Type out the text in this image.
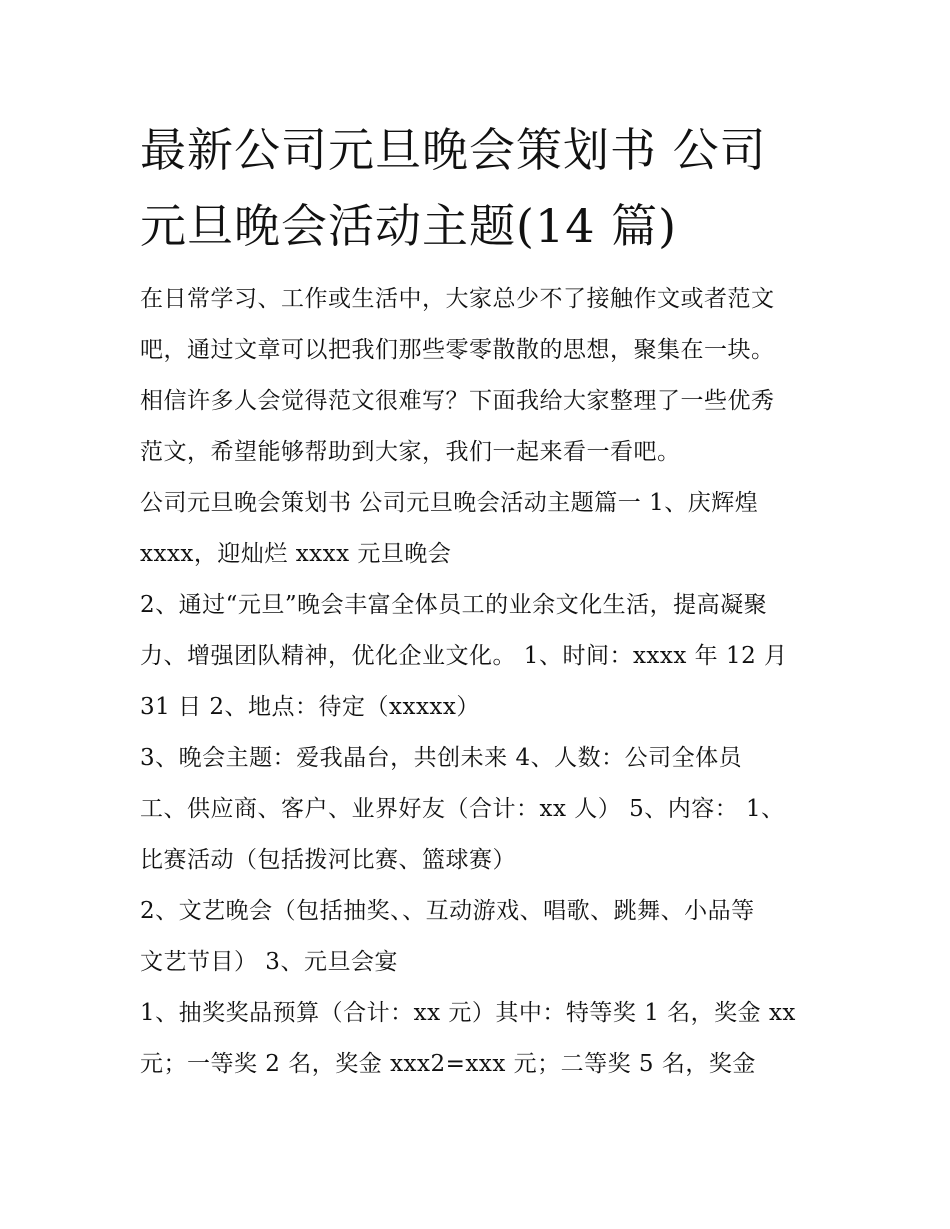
最新公司元旦晚会策划书 公司
元旦晚会活动主题(14 篇)
在日常学习、工作或生活中，大家总少不了接触作文或者范文
吧，通过文章可以把我们那些零零散散的思想，聚集在一块。
相信许多人会觉得范文很难写？下面我给大家整理了一些优秀
范文，希望能够帮助到大家，我们一起来看一看吧。
公司元旦晚会策划书 公司元旦晚会活动主题篇一 1、庆辉煌
xxxx，迎灿烂 xxxx 元旦晚会
2、通过“元旦”晚会丰富全体员工的业余文化生活，提高凝聚
力、增强团队精神，优化企业文化。 1、时间：xxxx 年 12 月
31 日 2、地点：待定（xxxxx）
3、晚会主题：爱我晶台，共创未来 4、人数：公司全体员
工、供应商、客户、业界好友（合计：xx 人） 5、内容： 1、
比赛活动（包括拨河比赛、篮球赛）
2、文艺晚会（包括抽奖、、互动游戏、唱歌、跳舞、小品等
文艺节目） 3、元旦会宴
1、抽奖奖品预算（合计：xx 元）其中：特等奖 1 名，奖金 xx
元；一等奖 2 名，奖金 xxx2=xxx 元；二等奖 5 名，奖金
